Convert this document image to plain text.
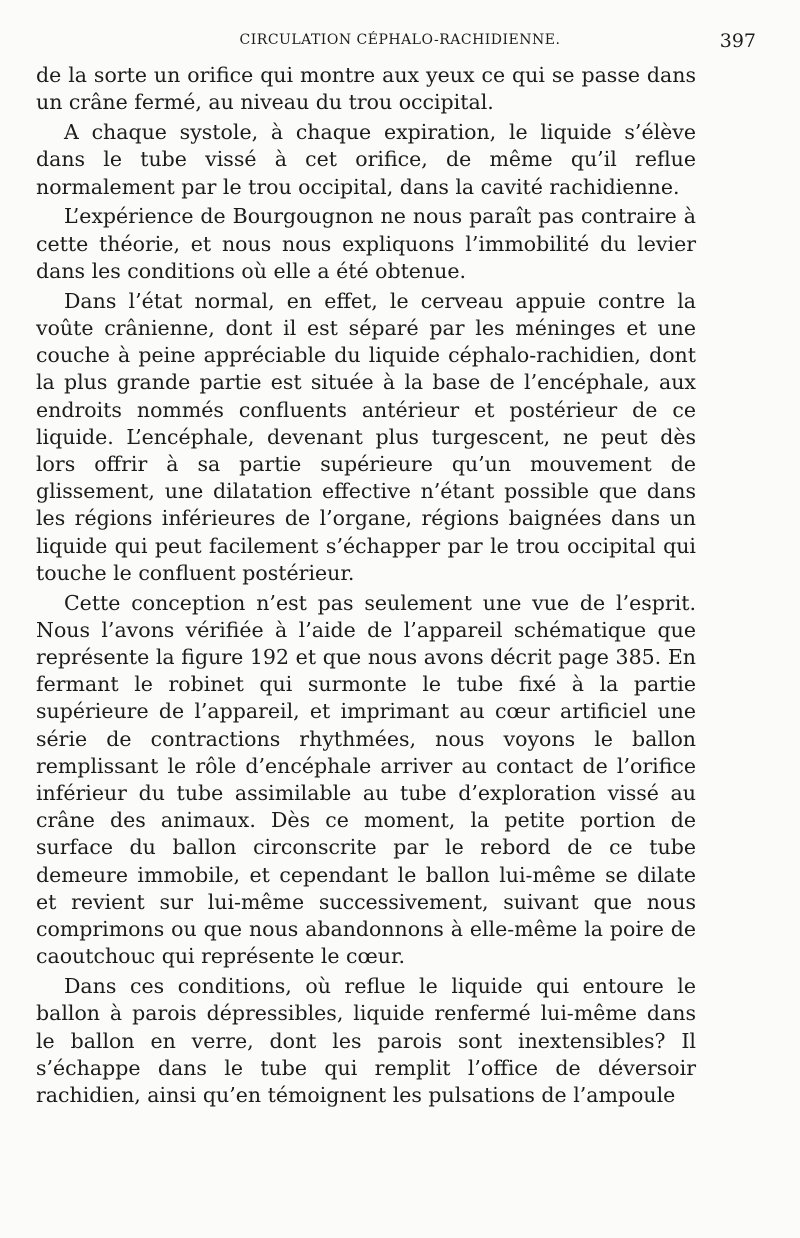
CIRCULATION CÉPHALO-RACHIDIENNE.	397

de la sorte un orifice qui montre aux yeux ce qui se passe dans un crâne fermé, au niveau du trou occipital.

A chaque systole, à chaque expiration, le liquide s’élève dans le tube vissé à cet orifice, de même qu’il reflue normalement par le trou occipital, dans la cavité rachidienne.

L’expérience de Bourgougnon ne nous paraît pas contraire à cette théorie, et nous nous expliquons l’immobilité du levier dans les conditions où elle a été obtenue.

Dans l’état normal, en effet, le cerveau appuie contre la voûte crânienne, dont il est séparé par les méninges et une couche à peine appréciable du liquide céphalo-rachidien, dont la plus grande partie est située à la base de l’encéphale, aux endroits nommés confluents antérieur et postérieur de ce liquide. L’encéphale, devenant plus turgescent, ne peut dès lors offrir à sa partie supérieure qu’un mouvement de glissement, une dilatation effective n’étant possible que dans les régions inférieures de l’organe, régions baignées dans un liquide qui peut facilement s’échapper par le trou occipital qui touche le confluent postérieur.

Cette conception n’est pas seulement une vue de l’esprit. Nous l’avons vérifiée à l’aide de l’appareil schématique que représente la figure 192 et que nous avons décrit page 385. En fermant le robinet qui surmonte le tube fixé à la partie supérieure de l’appareil, et imprimant au cœur artificiel une série de contractions rhythmées, nous voyons le ballon remplissant le rôle d’encéphale arriver au contact de l’orifice inférieur du tube assimilable au tube d’exploration vissé au crâne des animaux. Dès ce moment, la petite portion de surface du ballon circonscrite par le rebord de ce tube demeure immobile, et cependant le ballon lui-même se dilate et revient sur lui-même successivement, suivant que nous comprimons ou que nous abandonnons à elle-même la poire de caoutchouc qui représente le cœur.

Dans ces conditions, où reflue le liquide qui entoure le ballon à parois dépressibles, liquide renfermé lui-même dans le ballon en verre, dont les parois sont inextensibles? Il s’échappe dans le tube qui remplit l’office de déversoir rachidien, ainsi qu’en témoignent les pulsations de l’ampoule
